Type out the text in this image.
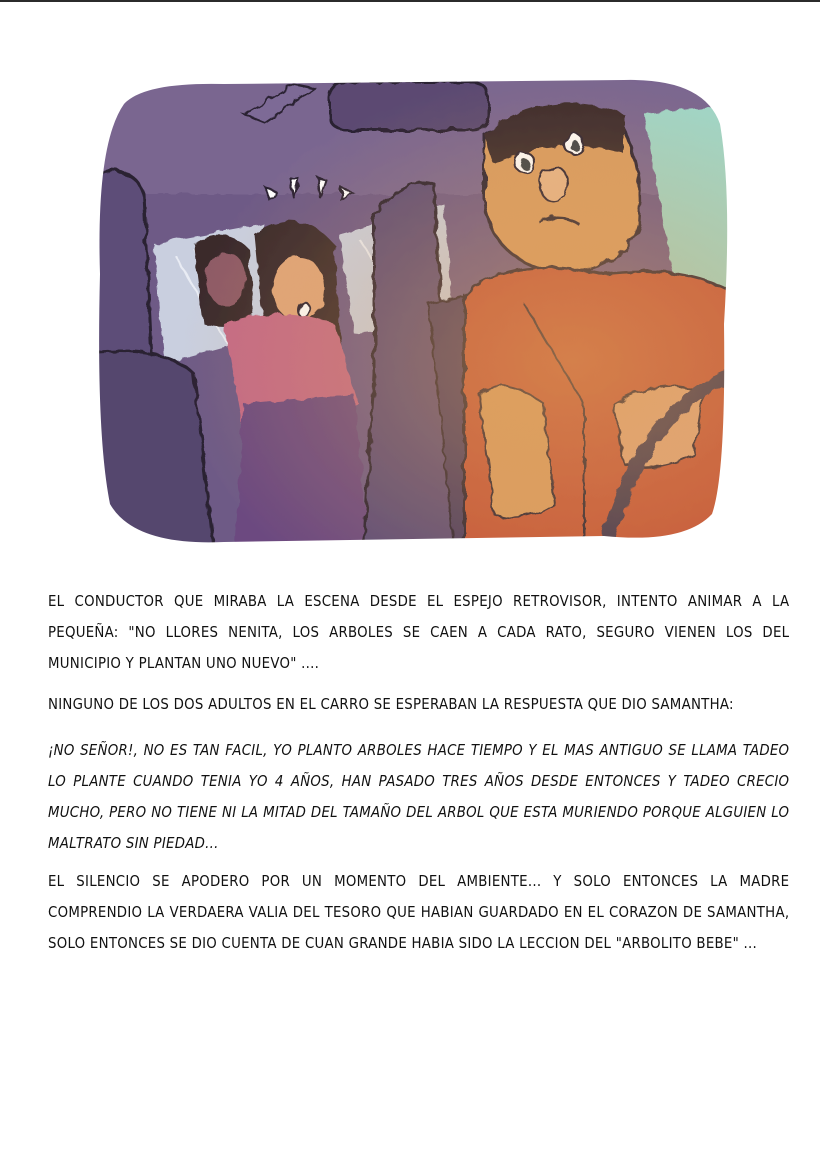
EL CONDUCTOR QUE MIRABA LA ESCENA DESDE EL ESPEJO RETROVISOR, INTENTO ANIMAR A LA PEQUEÑA: "NO LLORES NENITA, LOS ARBOLES SE CAEN A CADA RATO, SEGURO VIENEN LOS DEL MUNICIPIO Y PLANTAN UNO NUEVO" ....

NINGUNO DE LOS DOS ADULTOS EN EL CARRO SE ESPERABAN LA RESPUESTA QUE DIO SAMANTHA:

¡NO SEÑOR!, NO ES TAN FACIL, YO PLANTO ARBOLES HACE TIEMPO Y EL MAS ANTIGUO SE LLAMA TADEO LO PLANTE CUANDO TENIA YO 4 AÑOS, HAN PASADO TRES AÑOS DESDE ENTONCES Y TADEO CRECIO MUCHO, PERO NO TIENE NI LA MITAD DEL TAMAÑO DEL ARBOL QUE ESTA MURIENDO PORQUE ALGUIEN LO MALTRATO SIN PIEDAD...

EL SILENCIO SE APODERO POR UN MOMENTO DEL AMBIENTE... Y SOLO ENTONCES LA MADRE COMPRENDIO LA VERDAERA VALIA DEL TESORO QUE HABIAN GUARDADO EN EL CORAZON DE SAMANTHA, SOLO ENTONCES SE DIO CUENTA DE CUAN GRANDE HABIA SIDO LA LECCION DEL "ARBOLITO BEBE" ...
